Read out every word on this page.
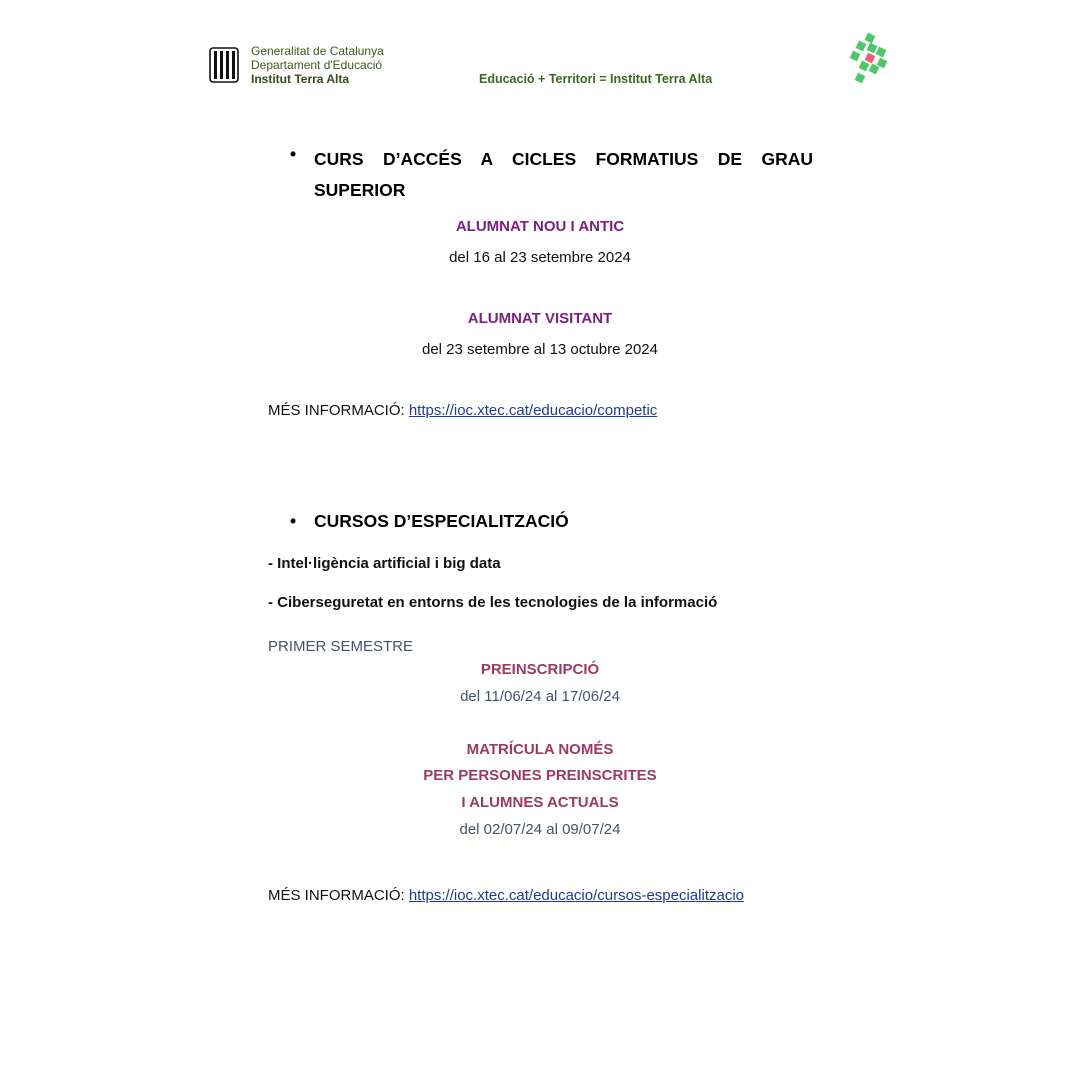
Generalitat de Catalunya
Departament d'Educació
Institut Terra Alta	Educació + Territori = Institut Terra Alta
• CURS D’ACCÉS A CICLES FORMATIUS DE GRAU SUPERIOR
ALUMNAT NOU I ANTIC
del 16 al 23 setembre 2024
ALUMNAT VISITANT
del 23 setembre al 13 octubre 2024
MÉS INFORMACIÓ: https://ioc.xtec.cat/educacio/competic
• CURSOS D’ESPECIALITZACIÓ
- Intel·ligència artificial i big data
- Ciberseguretat en entorns de les tecnologies de la informació
PRIMER SEMESTRE
PREINSCRIPCIÓ
del 11/06/24 al 17/06/24
MATRÍCULA NOMÉS
PER PERSONES PREINSCRITES
I ALUMNES ACTUALS
del 02/07/24 al 09/07/24
MÉS INFORMACIÓ: https://ioc.xtec.cat/educacio/cursos-especialitzacio
